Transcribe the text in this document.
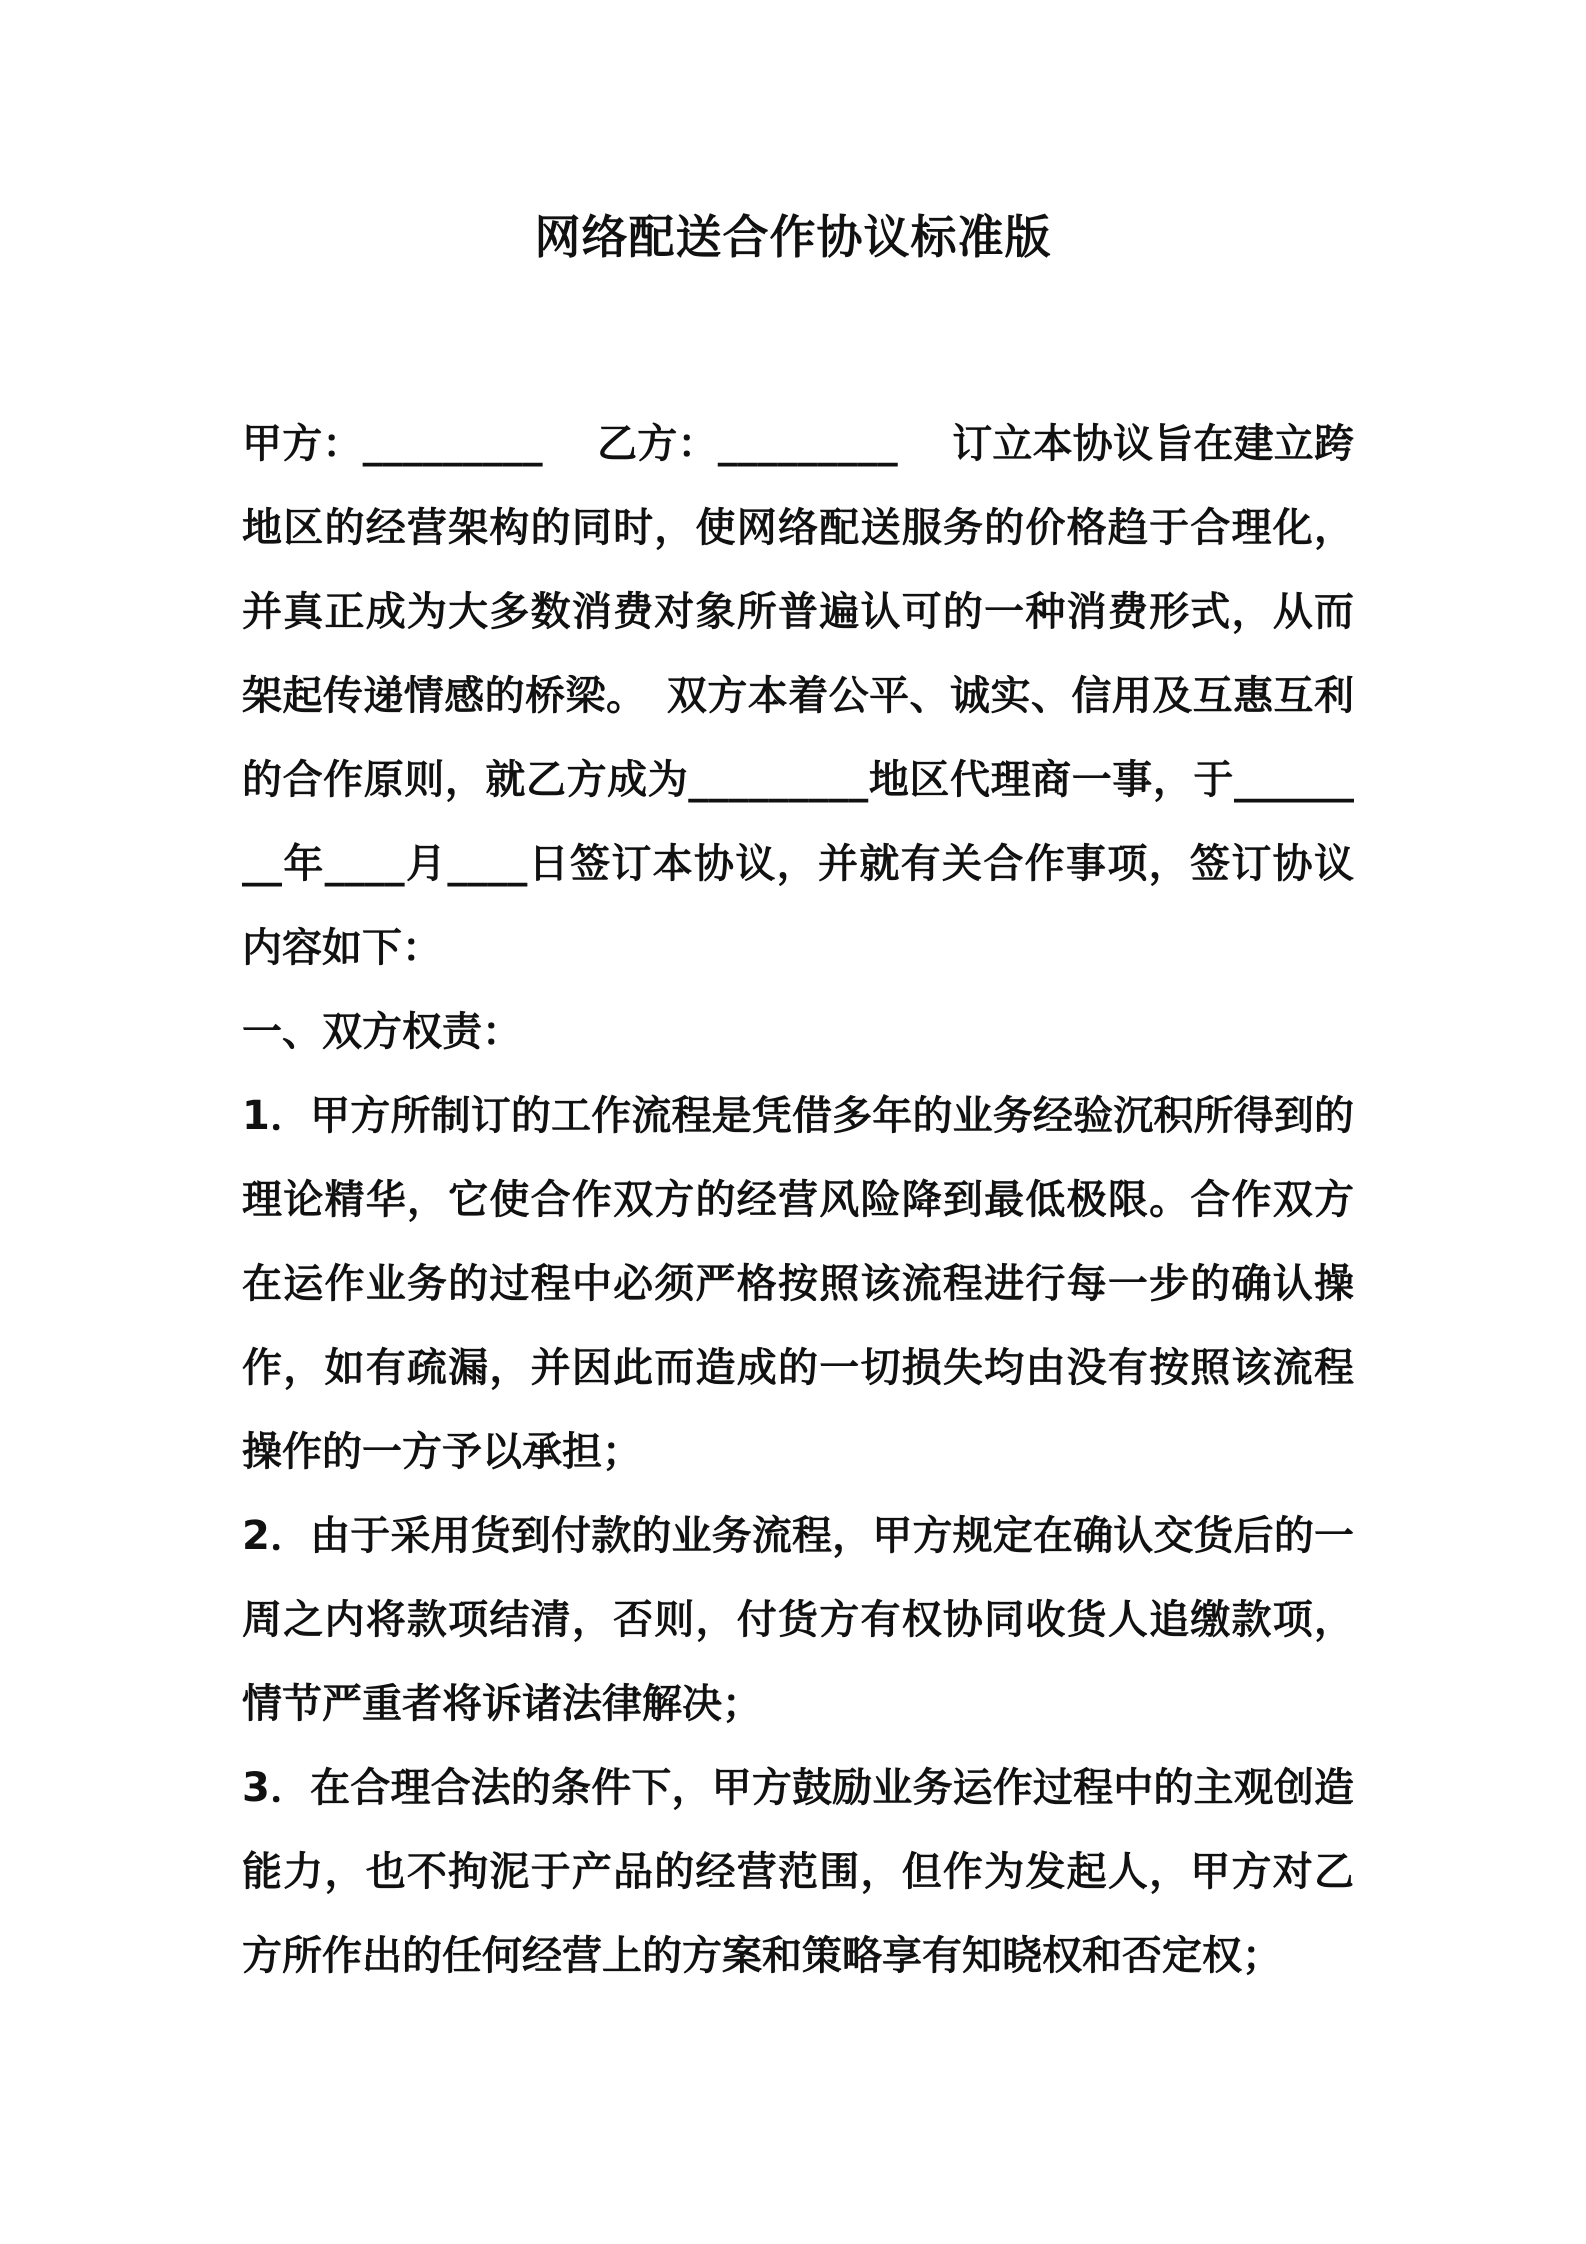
网络配送合作协议标准版

甲方：_________　 乙方：_________　 订立本协议旨在建立跨地区的经营架构的同时，使网络配送服务的价格趋于合理化，并真正成为大多数消费对象所普遍认可的一种消费形式，从而架起传递情感的桥梁。　双方本着公平、诚实、信用及互惠互利的合作原则，就乙方成为_________地区代理商一事，于________年____月____日签订本协议，并就有关合作事项，签订协议内容如下：

一、双方权责：

1．甲方所制订的工作流程是凭借多年的业务经验沉积所得到的理论精华，它使合作双方的经营风险降到最低极限。合作双方在运作业务的过程中必须严格按照该流程进行每一步的确认操作，如有疏漏，并因此而造成的一切损失均由没有按照该流程操作的一方予以承担；

2．由于采用货到付款的业务流程，甲方规定在确认交货后的一周之内将款项结清，否则，付货方有权协同收货人追缴款项，情节严重者将诉诸法律解决；

3．在合理合法的条件下，甲方鼓励业务运作过程中的主观创造能力，也不拘泥于产品的经营范围，但作为发起人，甲方对乙方所作出的任何经营上的方案和策略享有知晓权和否定权；
